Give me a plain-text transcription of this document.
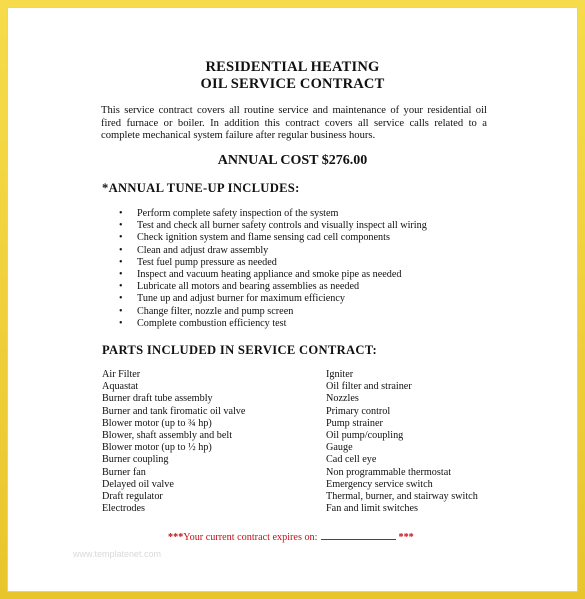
RESIDENTIAL HEATING
OIL SERVICE CONTRACT
This service contract covers all routine service and maintenance of your residential oil fired furnace or boiler. In addition this contract covers all service calls related to a complete mechanical system failure after regular business hours.
ANNUAL COST $276.00
*ANNUAL TUNE-UP INCLUDES:
• Perform complete safety inspection of the system
• Test and check all burner safety controls and visually inspect all wiring
• Check ignition system and flame sensing cad cell components
• Clean and adjust draw assembly
• Test fuel pump pressure as needed
• Inspect and vacuum heating appliance and smoke pipe as needed
• Lubricate all motors and bearing assemblies as needed
• Tune up and adjust burner for maximum efficiency
• Change filter, nozzle and pump screen
• Complete combustion efficiency test
PARTS INCLUDED IN SERVICE CONTRACT:
Air Filter
Aquastat
Burner draft tube assembly
Burner and tank firomatic oil valve
Blower motor (up to ¾ hp)
Blower, shaft assembly and belt
Blower motor (up to ½ hp)
Burner coupling
Burner fan
Delayed oil valve
Draft regulator
Electrodes
Igniter
Oil filter and strainer
Nozzles
Primary control
Pump strainer
Oil pump/coupling
Gauge
Cad cell eye
Non programmable thermostat
Emergency service switch
Thermal, burner, and stairway switch
Fan and limit switches
***Your current contract expires on:	***
www.templatenet.com
